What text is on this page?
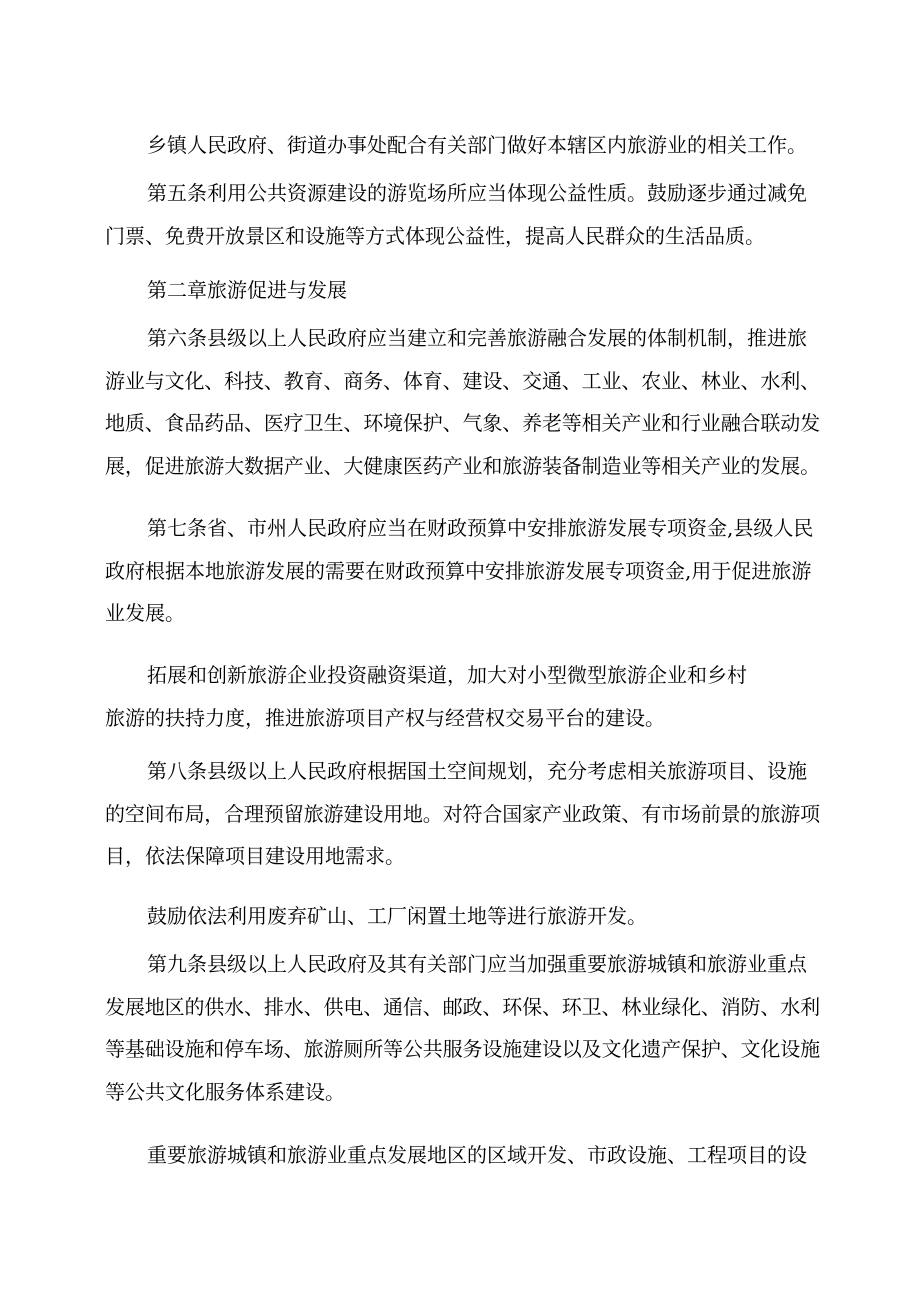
乡镇人民政府、街道办事处配合有关部门做好本辖区内旅游业的相关工作。
第五条利用公共资源建设的游览场所应当体现公益性质。鼓励逐步通过减免
门票、免费开放景区和设施等方式体现公益性，提高人民群众的生活品质。
第二章旅游促进与发展
第六条县级以上人民政府应当建立和完善旅游融合发展的体制机制，推进旅
游业与文化、科技、教育、商务、体育、建设、交通、工业、农业、林业、水利、
地质、食品药品、医疗卫生、环境保护、气象、养老等相关产业和行业融合联动发
展，促进旅游大数据产业、大健康医药产业和旅游装备制造业等相关产业的发展。
第七条省、市州人民政府应当在财政预算中安排旅游发展专项资金,县级人民
政府根据本地旅游发展的需要在财政预算中安排旅游发展专项资金,用于促进旅游
业发展。
拓展和创新旅游企业投资融资渠道，加大对小型微型旅游企业和乡村
旅游的扶持力度，推进旅游项目产权与经营权交易平台的建设。
第八条县级以上人民政府根据国土空间规划，充分考虑相关旅游项目、设施
的空间布局，合理预留旅游建设用地。对符合国家产业政策、有市场前景的旅游项
目，依法保障项目建设用地需求。
鼓励依法利用废弃矿山、工厂闲置土地等进行旅游开发。
第九条县级以上人民政府及其有关部门应当加强重要旅游城镇和旅游业重点
发展地区的供水、排水、供电、通信、邮政、环保、环卫、林业绿化、消防、水利
等基础设施和停车场、旅游厕所等公共服务设施建设以及文化遗产保护、文化设施
等公共文化服务体系建设。
重要旅游城镇和旅游业重点发展地区的区域开发、市政设施、工程项目的设
